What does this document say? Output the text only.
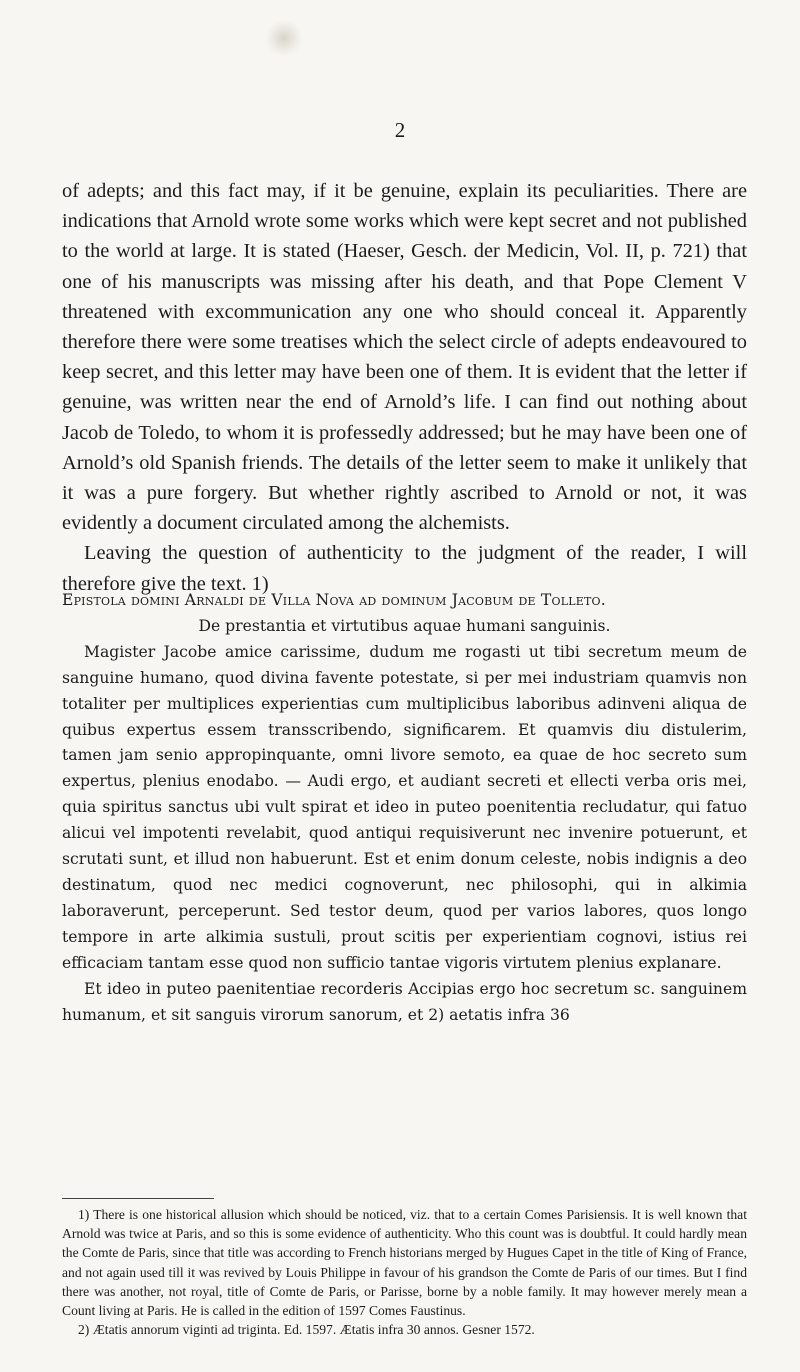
2

of adepts; and this fact may, if it be genuine, explain its peculiarities. There are indications that Arnold wrote some works which were kept secret and not published to the world at large. It is stated (Haeser, Gesch. der Medicin, Vol. II, p. 721) that one of his manuscripts was missing after his death, and that Pope Clement V threatened with excommunication any one who should conceal it. Apparently therefore there were some treatises which the select circle of adepts endeavoured to keep secret, and this letter may have been one of them. It is evident that the letter if genuine, was written near the end of Arnold’s life. I can find out nothing about Jacob de Toledo, to whom it is professedly addressed; but he may have been one of Arnold’s old Spanish friends. The details of the letter seem to make it unlikely that it was a pure forgery. But whether rightly ascribed to Arnold or not, it was evidently a document circulated among the alchemists.

Leaving the question of authenticity to the judgment of the reader, I will therefore give the text. 1)

Epistola domini Arnaldi de Villa Nova ad dominum Jacobum de Tolleto.

De prestantia et virtutibus aquae humani sanguinis.

Magister Jacobe amice carissime, dudum me rogasti ut tibi secretum meum de sanguine humano, quod divina favente potestate, si per mei industriam quamvis non totaliter per multiplices experientias cum multiplicibus laboribus adinveni aliqua de quibus expertus essem transscribendo, significarem. Et quamvis diu distulerim, tamen jam senio appropinquante, omni livore semoto, ea quae de hoc secreto sum expertus, plenius enodabo. — Audi ergo, et audiant secreti et ellecti verba oris mei, quia spiritus sanctus ubi vult spirat et ideo in puteo poenitentia recludatur, qui fatuo alicui vel impotenti revelabit, quod antiqui requisiverunt nec invenire potuerunt, et scrutati sunt, et illud non habuerunt. Est et enim donum celeste, nobis indignis a deo destinatum, quod nec medici cognoverunt, nec philosophi, qui in alkimia laboraverunt, perceperunt. Sed testor deum, quod per varios labores, quos longo tempore in arte alkimia sustuli, prout scitis per experientiam cognovi, istius rei efficaciam tantam esse quod non sufficio tantae vigoris virtutem plenius explanare.

Et ideo in puteo paenitentiae recorderis Accipias ergo hoc secretum sc. sanguinem humanum, et sit sanguis virorum sanorum, et 2) aetatis infra 36

1) There is one historical allusion which should be noticed, viz. that to a certain Comes Parisiensis. It is well known that Arnold was twice at Paris, and so this is some evidence of authenticity. Who this count was is doubtful. It could hardly mean the Comte de Paris, since that title was according to French historians merged by Hugues Capet in the title of King of France, and not again used till it was revived by Louis Philippe in favour of his grandson the Comte de Paris of our times. But I find there was another, not royal, title of Comte de Paris, or Parisse, borne by a noble family. It may however merely mean a Count living at Paris. He is called in the edition of 1597 Comes Faustinus.

2) Ætatis annorum viginti ad triginta. Ed. 1597. Ætatis infra 30 annos. Gesner 1572.
